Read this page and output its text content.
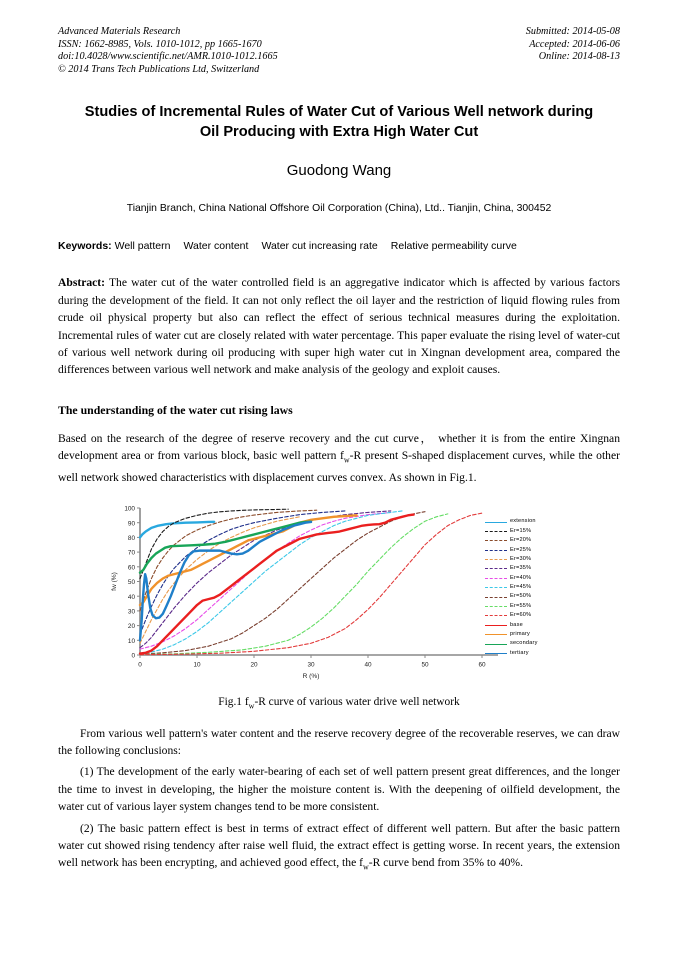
Advanced Materials Research
ISSN: 1662-8985, Vols. 1010-1012, pp 1665-1670
doi:10.4028/www.scientific.net/AMR.1010-1012.1665
© 2014 Trans Tech Publications Ltd, Switzerland
Submitted: 2014-05-08
Accepted: 2014-06-06
Online: 2014-08-13
Studies of Incremental Rules of Water Cut of Various Well network during Oil Producing with Extra High Water Cut
Guodong Wang
Tianjin Branch, China National Offshore Oil Corporation (China), Ltd.. Tianjin, China, 300452
Keywords: Well pattern Water content Water cut increasing rate Relative permeability curve
Abstract: The water cut of the water controlled field is an aggregative indicator which is affected by various factors during the development of the field. It can not only reflect the oil layer and the restriction of liquid flowing rules from crude oil physical property but also can reflect the effect of serious technical measures during the exploitation. Incremental rules of water cut are closely related with water percentage. This paper evaluate the rising level of water-cut of various well network during oil producing with super high water cut in Xingnan development area, compared the differences between various well network and make analysis of the geology and exploit causes.
The understanding of the water cut rising laws
Based on the research of the degree of reserve recovery and the cut curve， whether it is from the entire Xingnan development area or from various block, basic well pattern $f_w-R$ present S-shaped displacement curves, while the other well network showed characteristics with displacement curves convex. As shown in Fig.1.
0
10
20
30
40
50
60
70
80
90
100
0	10	20	30	40	50	60
R (%)
fw (%)
extension
Er=15%
Er=20%
Er=25%
Er=30%
Er=35%
Er=40%
Er=45%
Er=50%
Er=55%
Er=60%
base
primary
secondary
tertiary
Fig.1 $f_w-R$ curve of various water drive well network
From various well pattern's water content and the reserve recovery degree of the recoverable reserves, we can draw the following conclusions:
(1) The development of the early water-bearing of each set of well pattern present great differences, and the longer the time to invest in developing, the higher the moisture content is. With the deepening of oilfield development, the water cut of various layer system changes tend to be more consistent.
(2) The basic pattern effect is best in terms of extract effect of different well pattern. But after the basic pattern water cut showed rising tendency after raise well fluid, the extract effect is getting worse. In recent years, the extension well network has been encrypting, and achieved good effect, the $f_w-R$ curve bend from 35% to 40%.
